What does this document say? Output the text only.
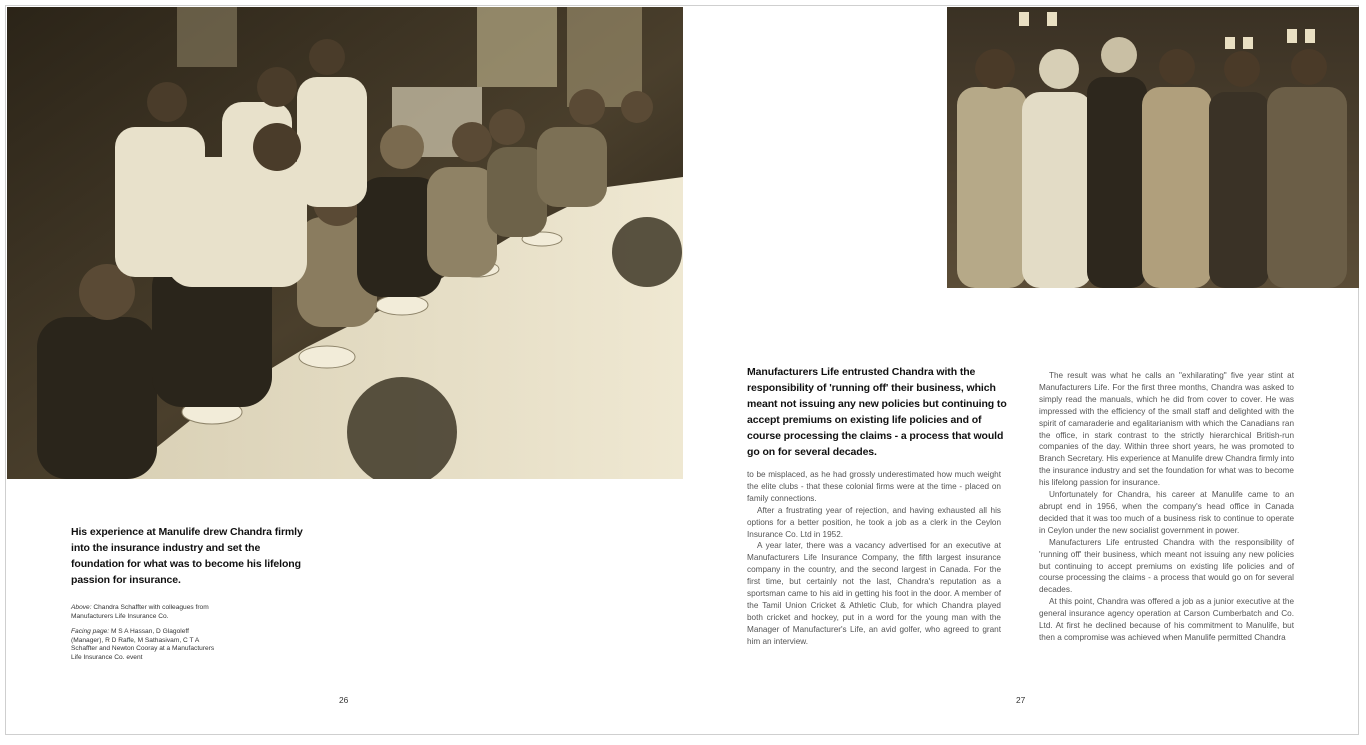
His experience at Manulife drew Chandra firmly into the insurance industry and set the foundation for what was to become his lifelong passion for insurance.
Above: Chandra Schaffter with colleagues from Manufacturers Life Insurance Co.
Facing page: M S A Hassan, D Glagoleff (Manager), R D Raffe, M Sathasivam, C T A Schaffter and Newton Cooray at a Manufacturers Life Insurance Co. event
26
Manufacturers Life entrusted Chandra with the responsibility of 'running off' their business, which meant not issuing any new policies but continuing to accept premiums on existing life policies and of course processing the claims - a process that would go on for several decades.

to be misplaced, as he had grossly underestimated how much weight the elite clubs - that these colonial firms were at the time - placed on family connections.

After a frustrating year of rejection, and having exhausted all his options for a better position, he took a job as a clerk in the Ceylon Insurance Co. Ltd in 1952.

A year later, there was a vacancy advertised for an executive at Manufacturers Life Insurance Company, the fifth largest insurance company in the country, and the second largest in Canada. For the first time, but certainly not the last, Chandra's reputation as a sportsman came to his aid in getting his foot in the door. A member of the Tamil Union Cricket & Athletic Club, for which Chandra played both cricket and hockey, put in a word for the young man with the Manager of Manufacturer's Life, an avid golfer, who agreed to grant him an interview.

The result was what he calls an "exhilarating" five year stint at Manufacturers Life. For the first three months, Chandra was asked to simply read the manuals, which he did from cover to cover. He was impressed with the efficiency of the small staff and delighted with the spirit of camaraderie and egalitarianism with which the Canadians ran the office, in stark contrast to the strictly hierarchical British-run companies of the day. Within three short years, he was promoted to Branch Secretary. His experience at Manulife drew Chandra firmly into the insurance industry and set the foundation for what was to become his lifelong passion for insurance.

Unfortunately for Chandra, his career at Manulife came to an abrupt end in 1956, when the company's head office in Canada decided that it was too much of a business risk to continue to operate in Ceylon under the new socialist government in power.

Manufacturers Life entrusted Chandra with the responsibility of 'running off' their business, which meant not issuing any new policies but continuing to accept premiums on existing life policies and of course processing the claims - a process that would go on for several decades.

At this point, Chandra was offered a job as a junior executive at the general insurance agency operation at Carson Cumberbatch and Co. Ltd. At first he declined because of his commitment to Manulife, but then a compromise was achieved when Manulife permitted Chandra

27
